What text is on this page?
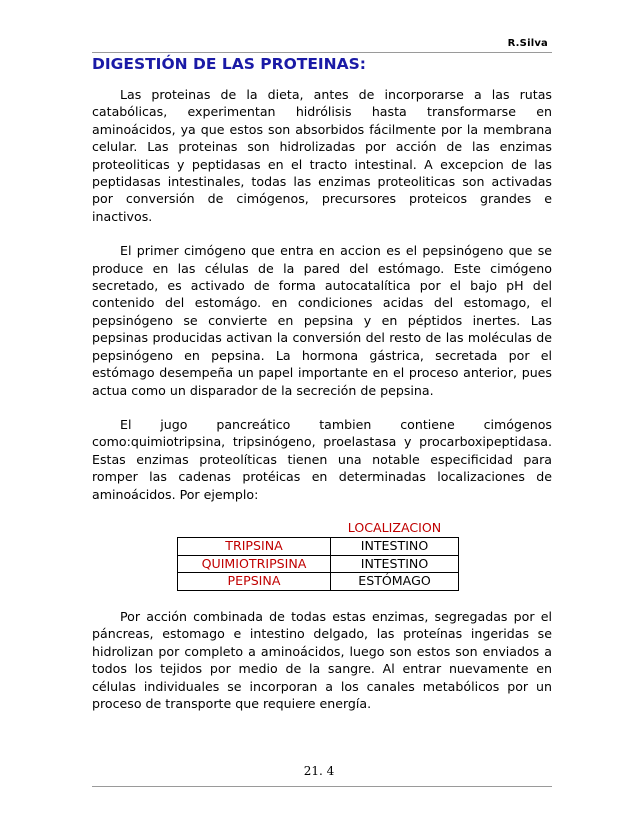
R.Silva
DIGESTIÓN DE LAS PROTEINAS:

Las proteinas de la dieta, antes de incorporarse a las rutas catabólicas, experimentan hidrólisis hasta transformarse en aminoácidos, ya que estos son absorbidos fácilmente por la membrana celular. Las proteinas son hidrolizadas por acción de las enzimas proteoliticas y peptidasas en el tracto intestinal. A excepcion de las peptidasas intestinales, todas las enzimas proteoliticas son activadas por conversión de cimógenos, precursores proteicos grandes e inactivos.

El primer cimógeno que entra en accion es el pepsinógeno que se produce en las células de la pared del estómago. Este cimógeno secretado, es activado de forma autocatalítica por el bajo pH del contenido del estomágo. en condiciones acidas del estomago, el pepsinógeno se convierte en pepsina y en péptidos inertes. Las pepsinas producidas activan la conversión del resto de las moléculas de pepsinógeno en pepsina. La hormona gástrica, secretada por el estómago desempeña un papel importante en el proceso anterior, pues actua como un disparador de la secreción de pepsina.

El jugo pancreático tambien contiene cimógenos como:quimiotripsina, tripsinógeno, proelastasa y procarboxipeptidasa. Estas enzimas proteolíticas tienen una notable especificidad para romper las cadenas protéicas en determinadas localizaciones de aminoácidos. Por ejemplo:

	LOCALIZACION
TRIPSINA	INTESTINO
QUIMIOTRIPSINA	INTESTINO
PEPSINA	ESTÓMAGO

Por acción combinada de todas estas enzimas, segregadas por el páncreas, estomago e intestino delgado, las proteínas ingeridas se hidrolizan por completo a aminoácidos, luego son estos son enviados a todos los tejidos por medio de la sangre. Al entrar nuevamente en células individuales se incorporan a los canales metabólicos por un proceso de transporte que requiere energía.

21. 4
